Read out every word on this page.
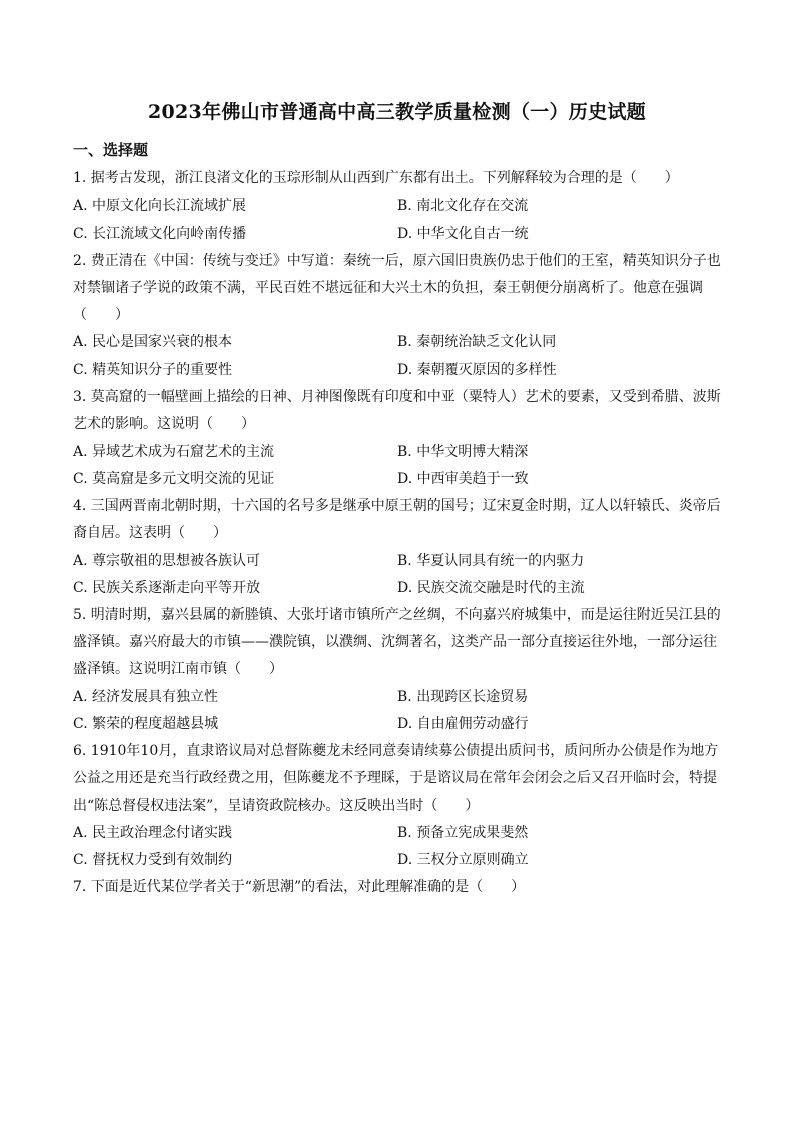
2023年佛山市普通高中高三教学质量检测（一）历史试题
一、选择题
1. 据考古发现，浙江良渚文化的玉琮形制从山西到广东都有出土。下列解释较为合理的是（　　）
A. 中原文化向长江流域扩展	B. 南北文化存在交流
C. 长江流域文化向岭南传播	D. 中华文化自古一统
2. 费正清在《中国：传统与变迁》中写道：秦统一后，原六国旧贵族仍忠于他们的王室，精英知识分子也
对禁锢诸子学说的政策不满，平民百姓不堪远征和大兴土木的负担，秦王朝便分崩离析了。他意在强调
（　　）
A. 民心是国家兴衰的根本	B. 秦朝统治缺乏文化认同
C. 精英知识分子的重要性	D. 秦朝覆灭原因的多样性
3. 莫高窟的一幅壁画上描绘的日神、月神图像既有印度和中亚（粟特人）艺术的要素，又受到希腊、波斯
艺术的影响。这说明（　　）
A. 异域艺术成为石窟艺术的主流	B. 中华文明博大精深
C. 莫高窟是多元文明交流的见证	D. 中西审美趋于一致
4. 三国两晋南北朝时期，十六国的名号多是继承中原王朝的国号；辽宋夏金时期，辽人以轩辕氏、炎帝后
裔自居。这表明（　　）
A. 尊宗敬祖的思想被各族认可	B. 华夏认同具有统一的内驱力
C. 民族关系逐渐走向平等开放	D. 民族交流交融是时代的主流
5. 明清时期，嘉兴县属的新塍镇、大张圩诸市镇所产之丝绸，不向嘉兴府城集中，而是运往附近吴江县的
盛泽镇。嘉兴府最大的市镇——濮院镇，以濮绸、沈绸著名，这类产品一部分直接运往外地，一部分运往
盛泽镇。这说明江南市镇（　　）
A. 经济发展具有独立性	B. 出现跨区长途贸易
C. 繁荣的程度超越县城	D. 自由雇佣劳动盛行
6. 1910年10月，直隶谘议局对总督陈夔龙未经同意奏请续募公债提出质问书，质问所办公债是作为地方
公益之用还是充当行政经费之用，但陈夔龙不予理睬，于是谘议局在常年会闭会之后又召开临时会，特提
出“陈总督侵权违法案”，呈请资政院核办。这反映出当时（　　）
A. 民主政治理念付诸实践	B. 预备立宪成果斐然
C. 督抚权力受到有效制约	D. 三权分立原则确立
7. 下面是近代某位学者关于“新思潮”的看法，对此理解准确的是（　　）
